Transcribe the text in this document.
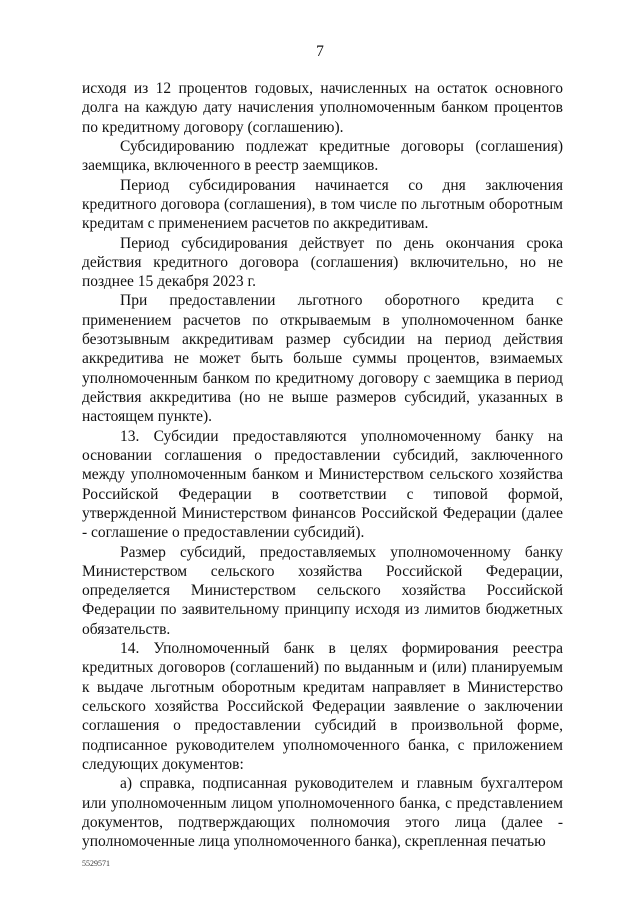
7

исходя из 12 процентов годовых, начисленных на остаток основного долга на каждую дату начисления уполномоченным банком процентов по кредитному договору (соглашению).

Субсидированию подлежат кредитные договоры (соглашения) заемщика, включенного в реестр заемщиков.

Период субсидирования начинается со дня заключения кредитного договора (соглашения), в том числе по льготным оборотным кредитам с применением расчетов по аккредитивам.

Период субсидирования действует по день окончания срока действия кредитного договора (соглашения) включительно, но не позднее 15 декабря 2023 г.

При предоставлении льготного оборотного кредита с применением расчетов по открываемым в уполномоченном банке безотзывным аккредитивам размер субсидии на период действия аккредитива не может быть больше суммы процентов, взимаемых уполномоченным банком по кредитному договору с заемщика в период действия аккредитива (но не выше размеров субсидий, указанных в настоящем пункте).

13. Субсидии предоставляются уполномоченному банку на основании соглашения о предоставлении субсидий, заключенного между уполномоченным банком и Министерством сельского хозяйства Российской Федерации в соответствии с типовой формой, утвержденной Министерством финансов Российской Федерации (далее - соглашение о предоставлении субсидий).

Размер субсидий, предоставляемых уполномоченному банку Министерством сельского хозяйства Российской Федерации, определяется Министерством сельского хозяйства Российской Федерации по заявительному принципу исходя из лимитов бюджетных обязательств.

14. Уполномоченный банк в целях формирования реестра кредитных договоров (соглашений) по выданным и (или) планируемым к выдаче льготным оборотным кредитам направляет в Министерство сельского хозяйства Российской Федерации заявление о заключении соглашения о предоставлении субсидий в произвольной форме, подписанное руководителем уполномоченного банка, с приложением следующих документов:

а) справка, подписанная руководителем и главным бухгалтером или уполномоченным лицом уполномоченного банка, с представлением документов, подтверждающих полномочия этого лица (далее - уполномоченные лица уполномоченного банка), скрепленная печатью

5529571
